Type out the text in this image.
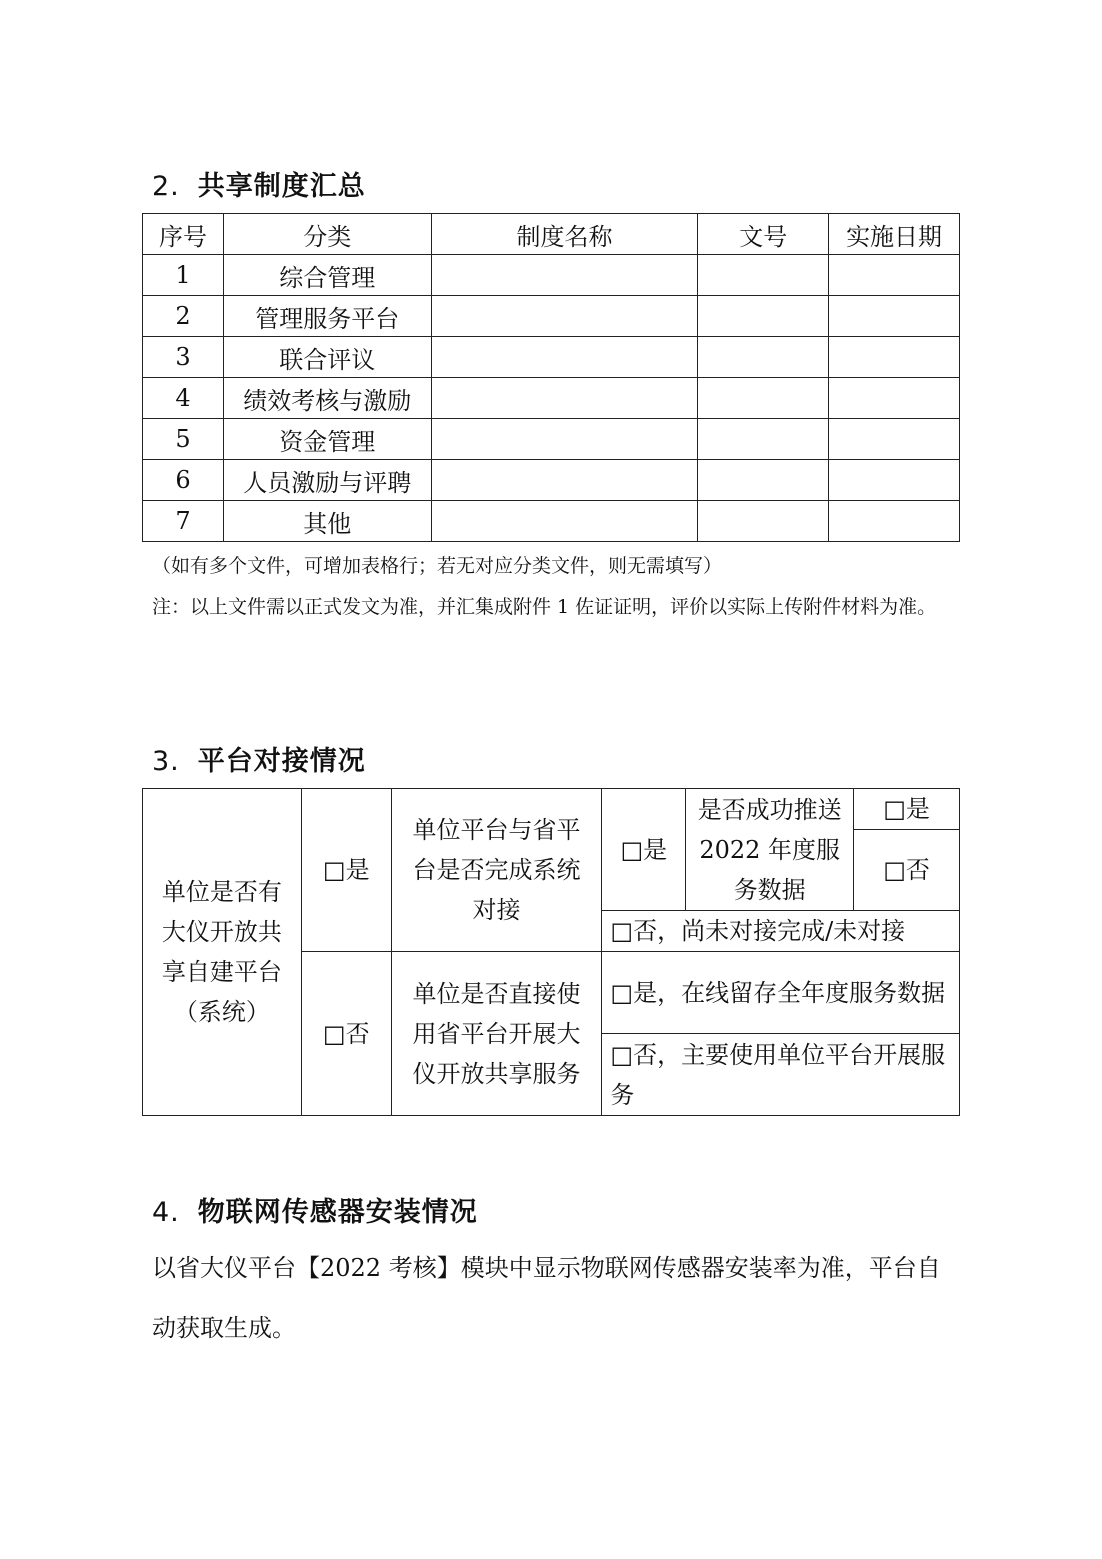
2. 共享制度汇总
序号	分类	制度名称	文号	实施日期
1	综合管理			
2	管理服务平台			
3	联合评议			
4	绩效考核与激励			
5	资金管理			
6	人员激励与评聘			
7	其他			
（如有多个文件，可增加表格行；若无对应分类文件，则无需填写）
注：以上文件需以正式发文为准，并汇集成附件 1 佐证证明，评价以实际上传附件材料为准。
3. 平台对接情况
单位是否有大仪开放共享自建平台（系统）	□是	单位平台与省平台是否完成系统对接	□是	是否成功推送 2022 年度服务数据	□是
					□否
			□否，尚未对接完成/未对接		
	□否	单位是否直接使用省平台开展大仪开放共享服务	□是，在线留存全年度服务数据		
			□否，主要使用单位平台开展服务		
4. 物联网传感器安装情况
以省大仪平台【2022 考核】模块中显示物联网传感器安装率为准，平台自动获取生成。
